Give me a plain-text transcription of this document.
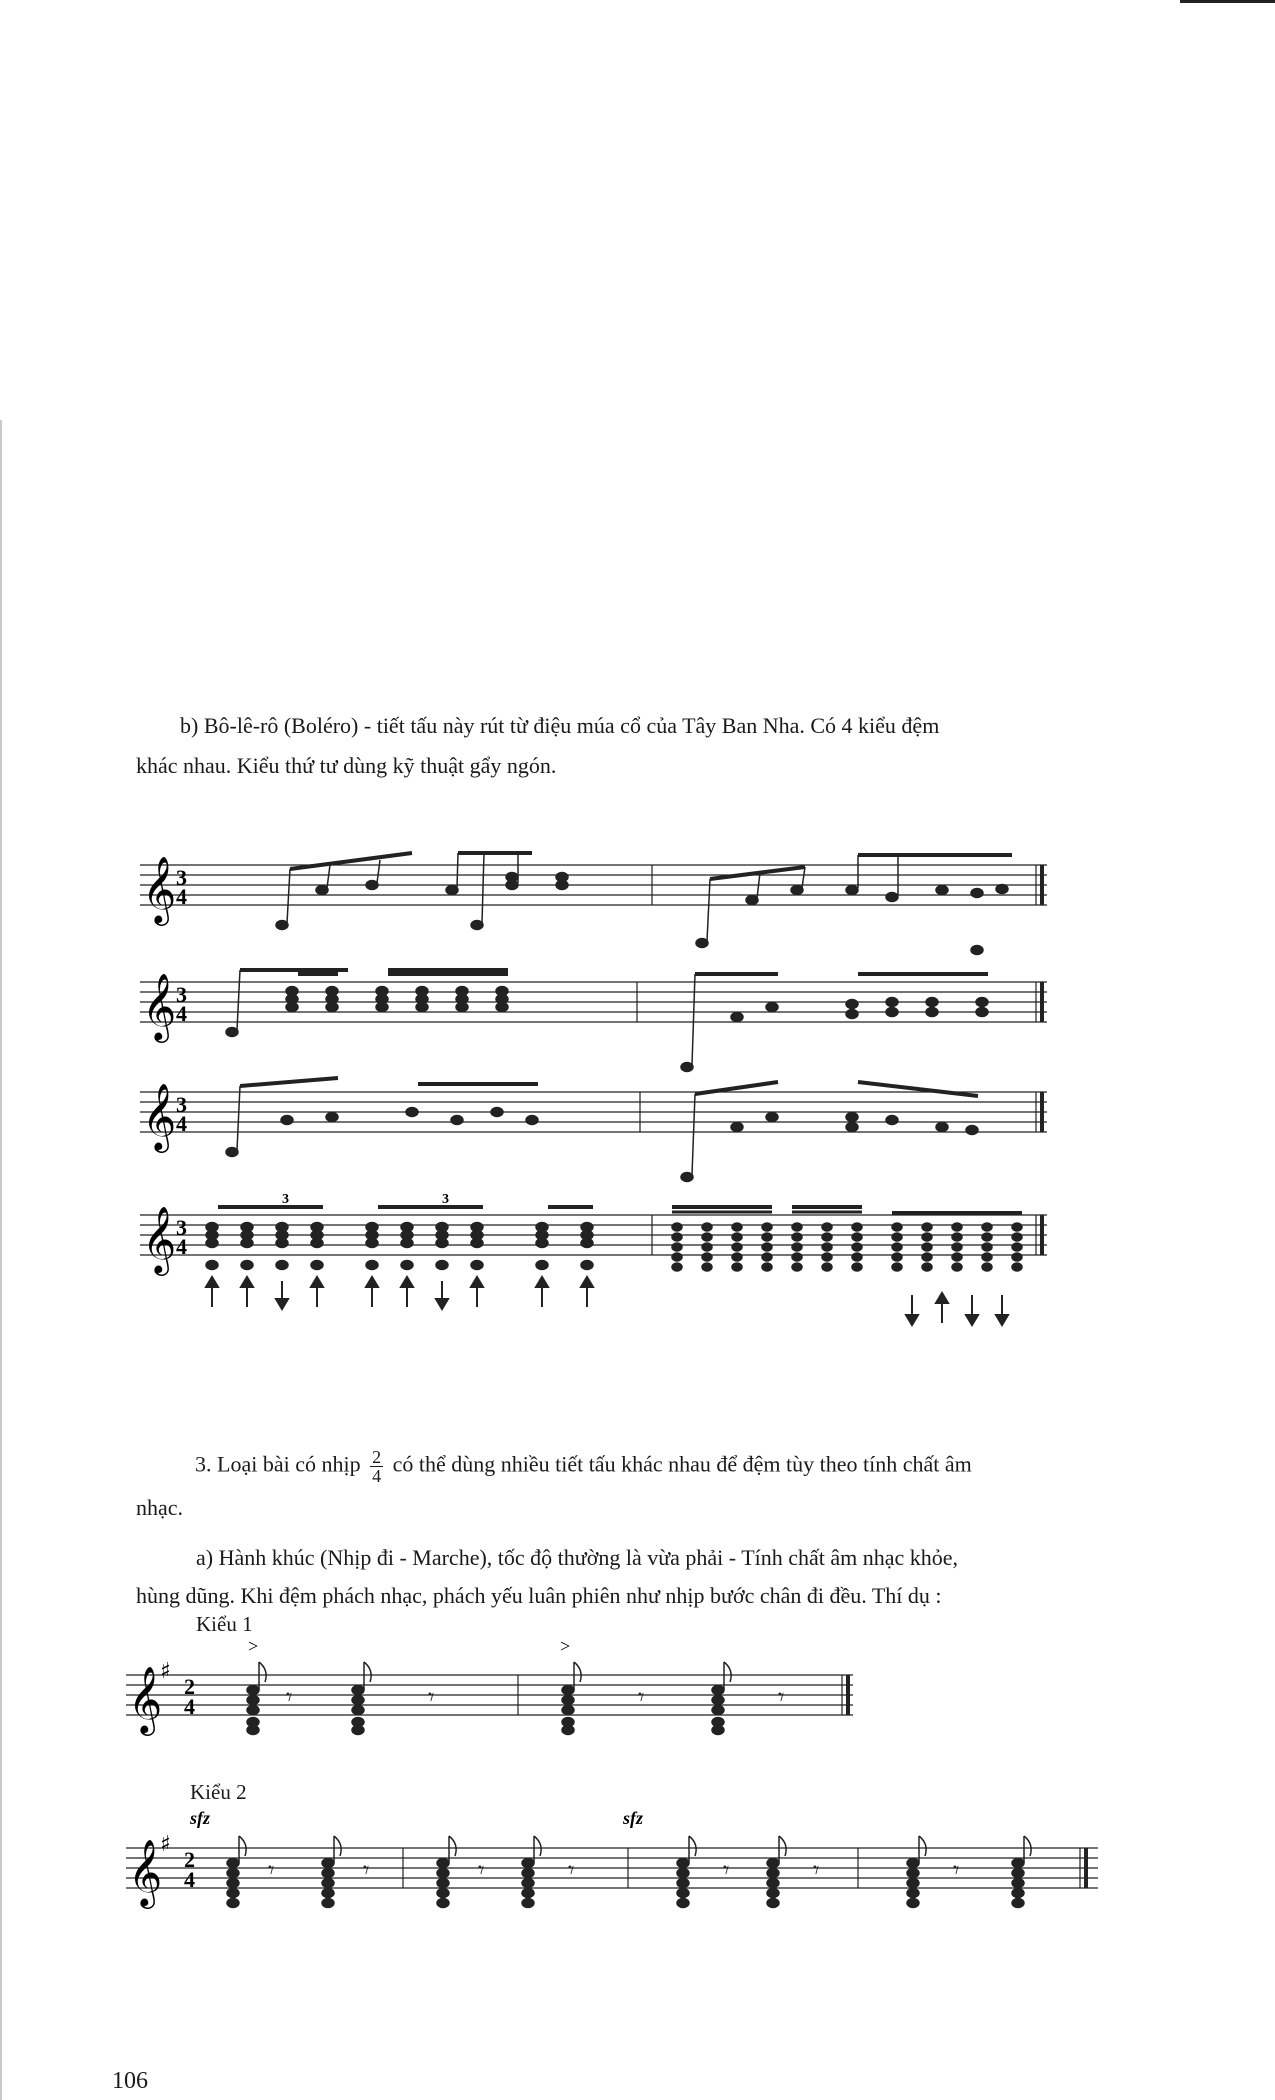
b) Bô-lê-rô (Boléro) - tiết tấu này rút từ điệu múa cổ của Tây Ban Nha. Có 4 kiểu đệm

khác nhau. Kiểu thứ tư dùng kỹ thuật gẩy ngón.

𝄞 3
4
𝄞 3
4
𝄞 3
4
𝄞 3
4
3	3

3. Loại bài có nhịp $\frac{2}{4}$ có thể dùng nhiều tiết tấu khác nhau để đệm tùy theo tính chất âm

nhạc.

a) Hành khúc (Nhịp đi - Marche), tốc độ thường là vừa phải - Tính chất âm nhạc khỏe,

hùng dũng. Khi đệm phách nhạc, phách yếu luân phiên như nhịp bước chân đi đều. Thí dụ :

Kiểu 1
𝄞
♯
2
4
>	>
𝄾	𝄾	𝄾	𝄾
Kiểu 2
𝄞
♯
2
4
sfz	sfz
𝄾	𝄾	𝄾	𝄾	𝄾	𝄾	𝄾
106
